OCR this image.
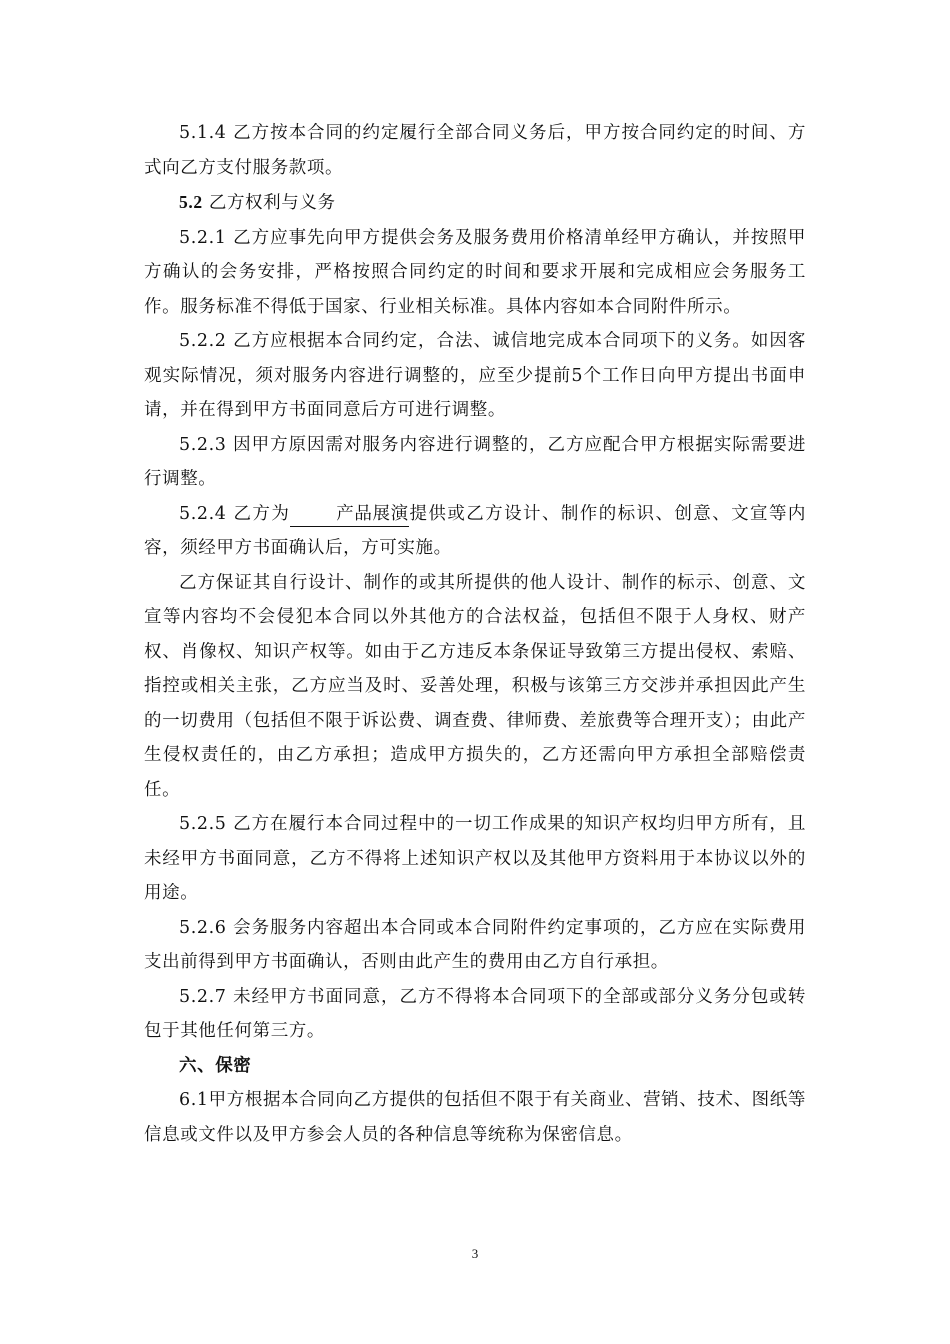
5.1.4 乙方按本合同的约定履行全部合同义务后，甲方按合同约定的时间、方式向乙方支付服务款项。

5.2 乙方权利与义务

5.2.1 乙方应事先向甲方提供会务及服务费用价格清单经甲方确认，并按照甲方确认的会务安排，严格按照合同约定的时间和要求开展和完成相应会务服务工作。服务标准不得低于国家、行业相关标准。具体内容如本合同附件所示。

5.2.2 乙方应根据本合同约定，合法、诚信地完成本合同项下的义务。如因客观实际情况，须对服务内容进行调整的，应至少提前5个工作日向甲方提出书面申请，并在得到甲方书面同意后方可进行调整。

5.2.3 因甲方原因需对服务内容进行调整的，乙方应配合甲方根据实际需要进行调整。

5.2.4 乙方为	产品展演提供或乙方设计、制作的标识、创意、文宣等内容，须经甲方书面确认后，方可实施。

乙方保证其自行设计、制作的或其所提供的他人设计、制作的标示、创意、文宣等内容均不会侵犯本合同以外其他方的合法权益，包括但不限于人身权、财产权、肖像权、知识产权等。如由于乙方违反本条保证导致第三方提出侵权、索赔、指控或相关主张，乙方应当及时、妥善处理，积极与该第三方交涉并承担因此产生的一切费用（包括但不限于诉讼费、调查费、律师费、差旅费等合理开支）；由此产生侵权责任的，由乙方承担；造成甲方损失的，乙方还需向甲方承担全部赔偿责任。

5.2.5 乙方在履行本合同过程中的一切工作成果的知识产权均归甲方所有，且未经甲方书面同意，乙方不得将上述知识产权以及其他甲方资料用于本协议以外的用途。

5.2.6 会务服务内容超出本合同或本合同附件约定事项的，乙方应在实际费用支出前得到甲方书面确认，否则由此产生的费用由乙方自行承担。

5.2.7 未经甲方书面同意，乙方不得将本合同项下的全部或部分义务分包或转包于其他任何第三方。

六、保密

6.1甲方根据本合同向乙方提供的包括但不限于有关商业、营销、技术、图纸等信息或文件以及甲方参会人员的各种信息等统称为保密信息。

3
